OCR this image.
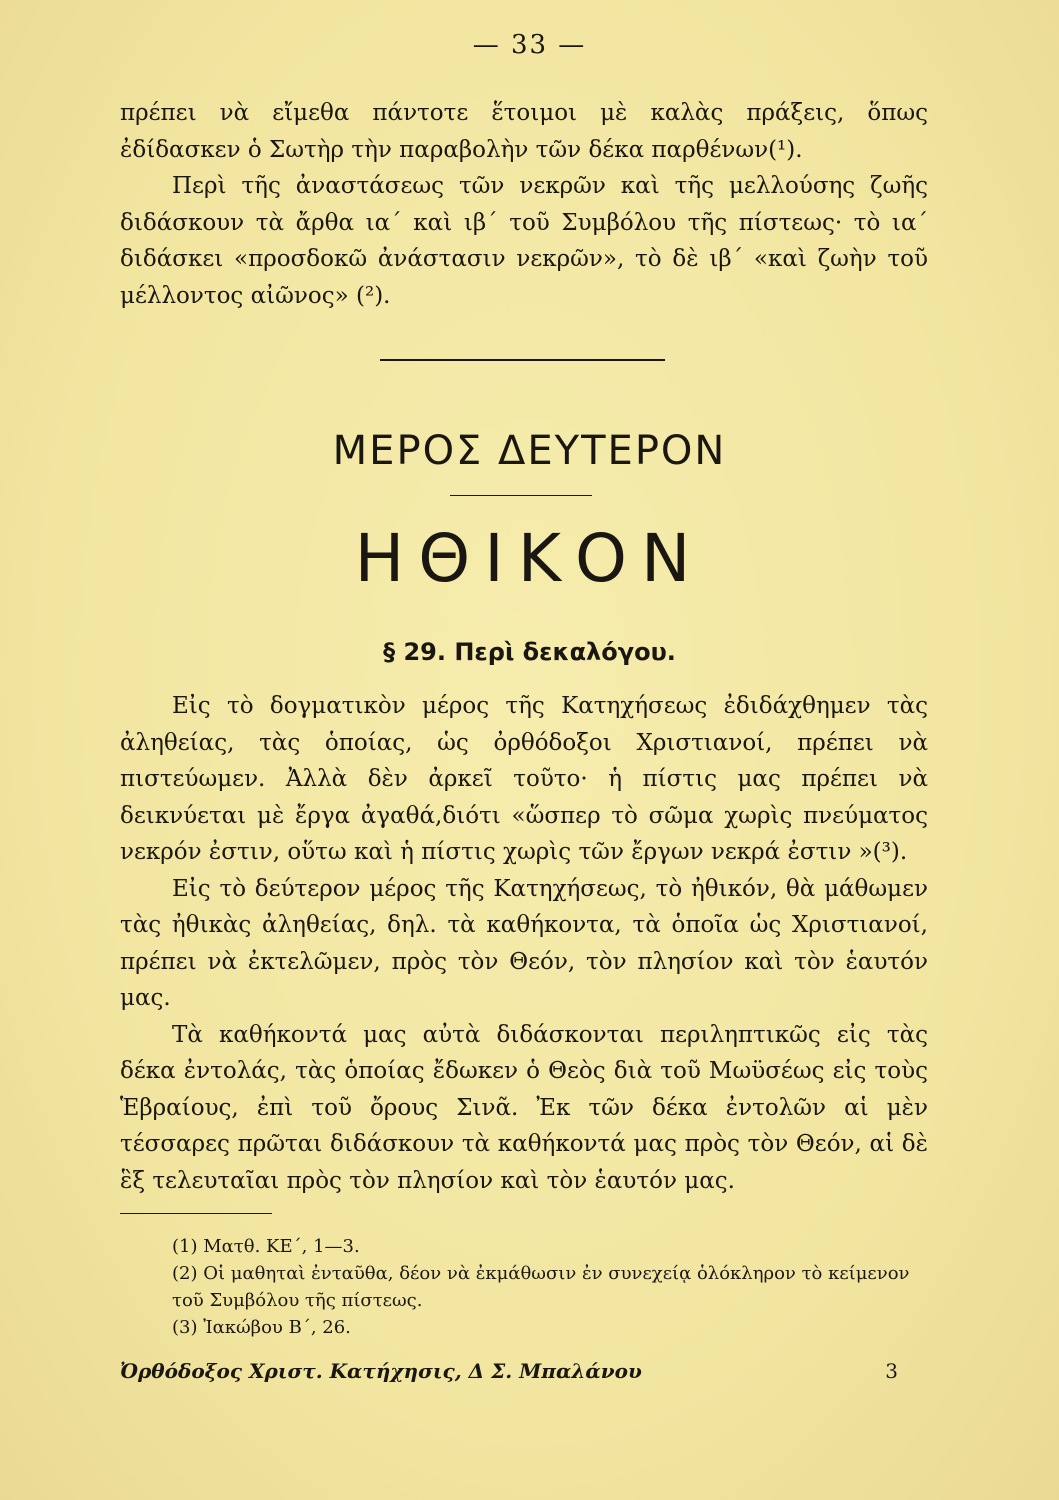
— 33 —

πρέπει νὰ εἴμεθα πάντοτε ἕτοιμοι μὲ καλὰς πράξεις, ὅπως ἐδίδασκεν ὁ Σωτὴρ τὴν παραβολὴν τῶν δέκα παρθένων(¹).

Περὶ τῆς ἀναστάσεως τῶν νεκρῶν καὶ τῆς μελλούσης ζωῆς διδάσκουν τὰ ἄρθα ια΄ καὶ ιβ΄ τοῦ Συμβόλου τῆς πίστεως· τὸ ια΄ διδάσκει «προσδοκῶ ἀνάστασιν νεκρῶν», τὸ δὲ ιβ΄ «καὶ ζωὴν τοῦ μέλλοντος αἰῶνος» (²).

ΜΕΡΟΣ ΔΕΥΤΕΡΟΝ
ΗΘΙΚΟΝ
§ 29. Περὶ δεκαλόγου.

Εἰς τὸ δογματικὸν μέρος τῆς Κατηχήσεως ἐδιδάχθημεν τὰς ἀληθείας, τὰς ὁποίας, ὡς ὀρθόδοξοι Χριστιανοί, πρέπει νὰ πιστεύωμεν. Ἀλλὰ δὲν ἀρκεῖ τοῦτο· ἡ πίστις μας πρέπει νὰ δεικνύεται μὲ ἔργα ἀγαθά,διότι «ὥσπερ τὸ σῶμα χωρὶς πνεύματος νεκρόν ἐστιν, οὕτω καὶ ἡ πίστις χωρὶς τῶν ἔργων νεκρά ἐστιν »(³).

Εἰς τὸ δεύτερον μέρος τῆς Κατηχήσεως, τὸ ἠθικόν, θὰ μάθωμεν τὰς ἠθικὰς ἀληθείας, δηλ. τὰ καθήκοντα, τὰ ὁποῖα ὡς Χριστιανοί, πρέπει νὰ ἐκτελῶμεν, πρὸς τὸν Θεόν, τὸν πλησίον καὶ τὸν ἑαυτόν μας.

Τὰ καθήκοντά μας αὐτὰ διδάσκονται περιληπτικῶς εἰς τὰς δέκα ἐντολάς, τὰς ὁποίας ἔδωκεν ὁ Θεὸς διὰ τοῦ Μωϋσέως εἰς τοὺς Ἑβραίους, ἐπὶ τοῦ ὄρους Σινᾶ. Ἐκ τῶν δέκα ἐντολῶν αἱ μὲν τέσσαρες πρῶται διδάσκουν τὰ καθήκοντά μας πρὸς τὸν Θεόν, αἱ δὲ ἓξ τελευταῖαι πρὸς τὸν πλησίον καὶ τὸν ἑαυτόν μας.

(1) Ματθ. ΚΕ΄, 1—3.

(2) Οἱ μαθηταὶ ἐνταῦθα, δέον νὰ ἐκμάθωσιν ἐν συνεχείᾳ ὁλόκληρον τὸ κείμενον τοῦ Συμβόλου τῆς πίστεως.

(3) Ἰακώβου Β΄, 26.

Ὀρθόδοξος Χριστ. Κατήχησις, Δ Σ. Μπαλάνου	3
